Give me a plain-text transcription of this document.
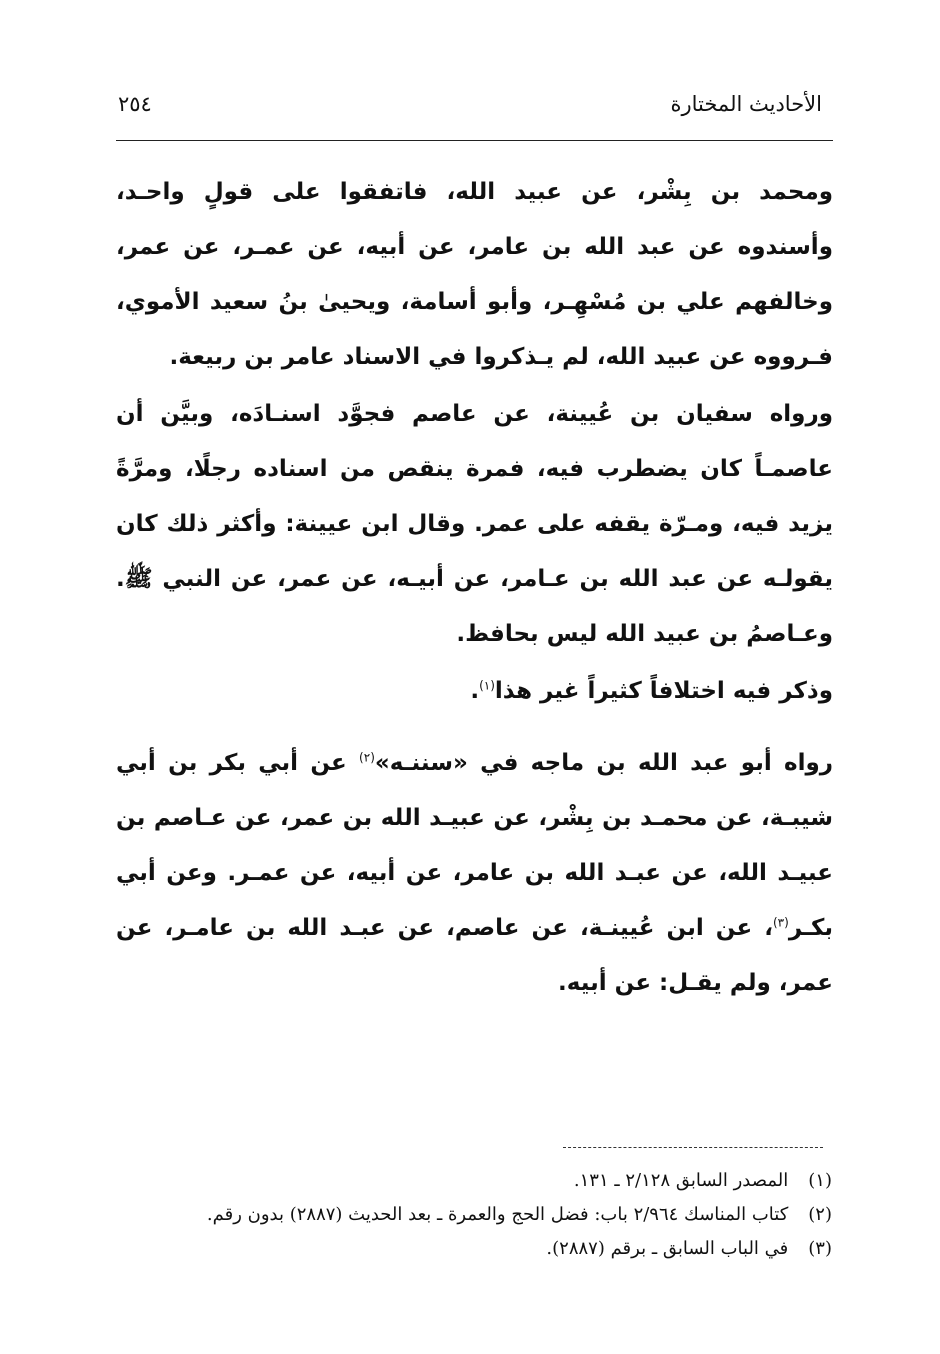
الأحاديث المختارة
٢٥٤

ومحمد بن بِشْر، عن عبيد الله، فاتفقوا على قولٍ واحـد، وأسندوه عن عبد الله بن عامر، عن أبيه، عن عمـر، عن عمر، وخالفهم علي بن مُسْهِـر، وأبو أسامة، ويحيىٰ بنُ سعيد الأموي، فـرووه عن عبيد الله، لم يـذكروا في الاسناد عامر بن ربيعة.

ورواه سفيان بن عُيينة، عن عاصم فجوَّد اسنـادَه، وبيَّن أن عاصمـاً كان يضطرب فيه، فمرة ينقص من اسناده رجلًا، ومرَّةً يزيد فيه، ومـرّة يقفه على عمر. وقال ابن عيينة: وأكثر ذلك كان يقولـه عن عبد الله بن عـامر، عن أبيـه، عن عمر، عن النبي ﷺ. وعـاصمُ بن عبيد الله ليس بحافظ.

وذكر فيه اختلافاً كثيراً غير هذا$^{(١)}$.

رواه أبو عبد الله بن ماجه في «سننـه»$^{(٢)}$ عن أبي بكر بن أبي شيبـة، عن محمـد بن بِشْر، عن عبيـد الله بن عمر، عن عـاصم بن عبيـد الله، عن عبـد الله بن عامر، عن أبيه، عن عمـر. وعن أبي بكـر$^{(٣)}$، عن ابن عُيينـة، عن عاصم، عن عبـد الله بن عامـر، عن عمر، ولم يقـل: عن أبيه.

(١) المصدر السابق ٢/١٢٨ ـ ١٣١.
(٢) كتاب المناسك ٢/٩٦٤ باب: فضل الحج والعمرة ـ بعد الحديث (٢٨٨٧) بدون رقم.
(٣) في الباب السابق ـ برقم (٢٨٨٧).
